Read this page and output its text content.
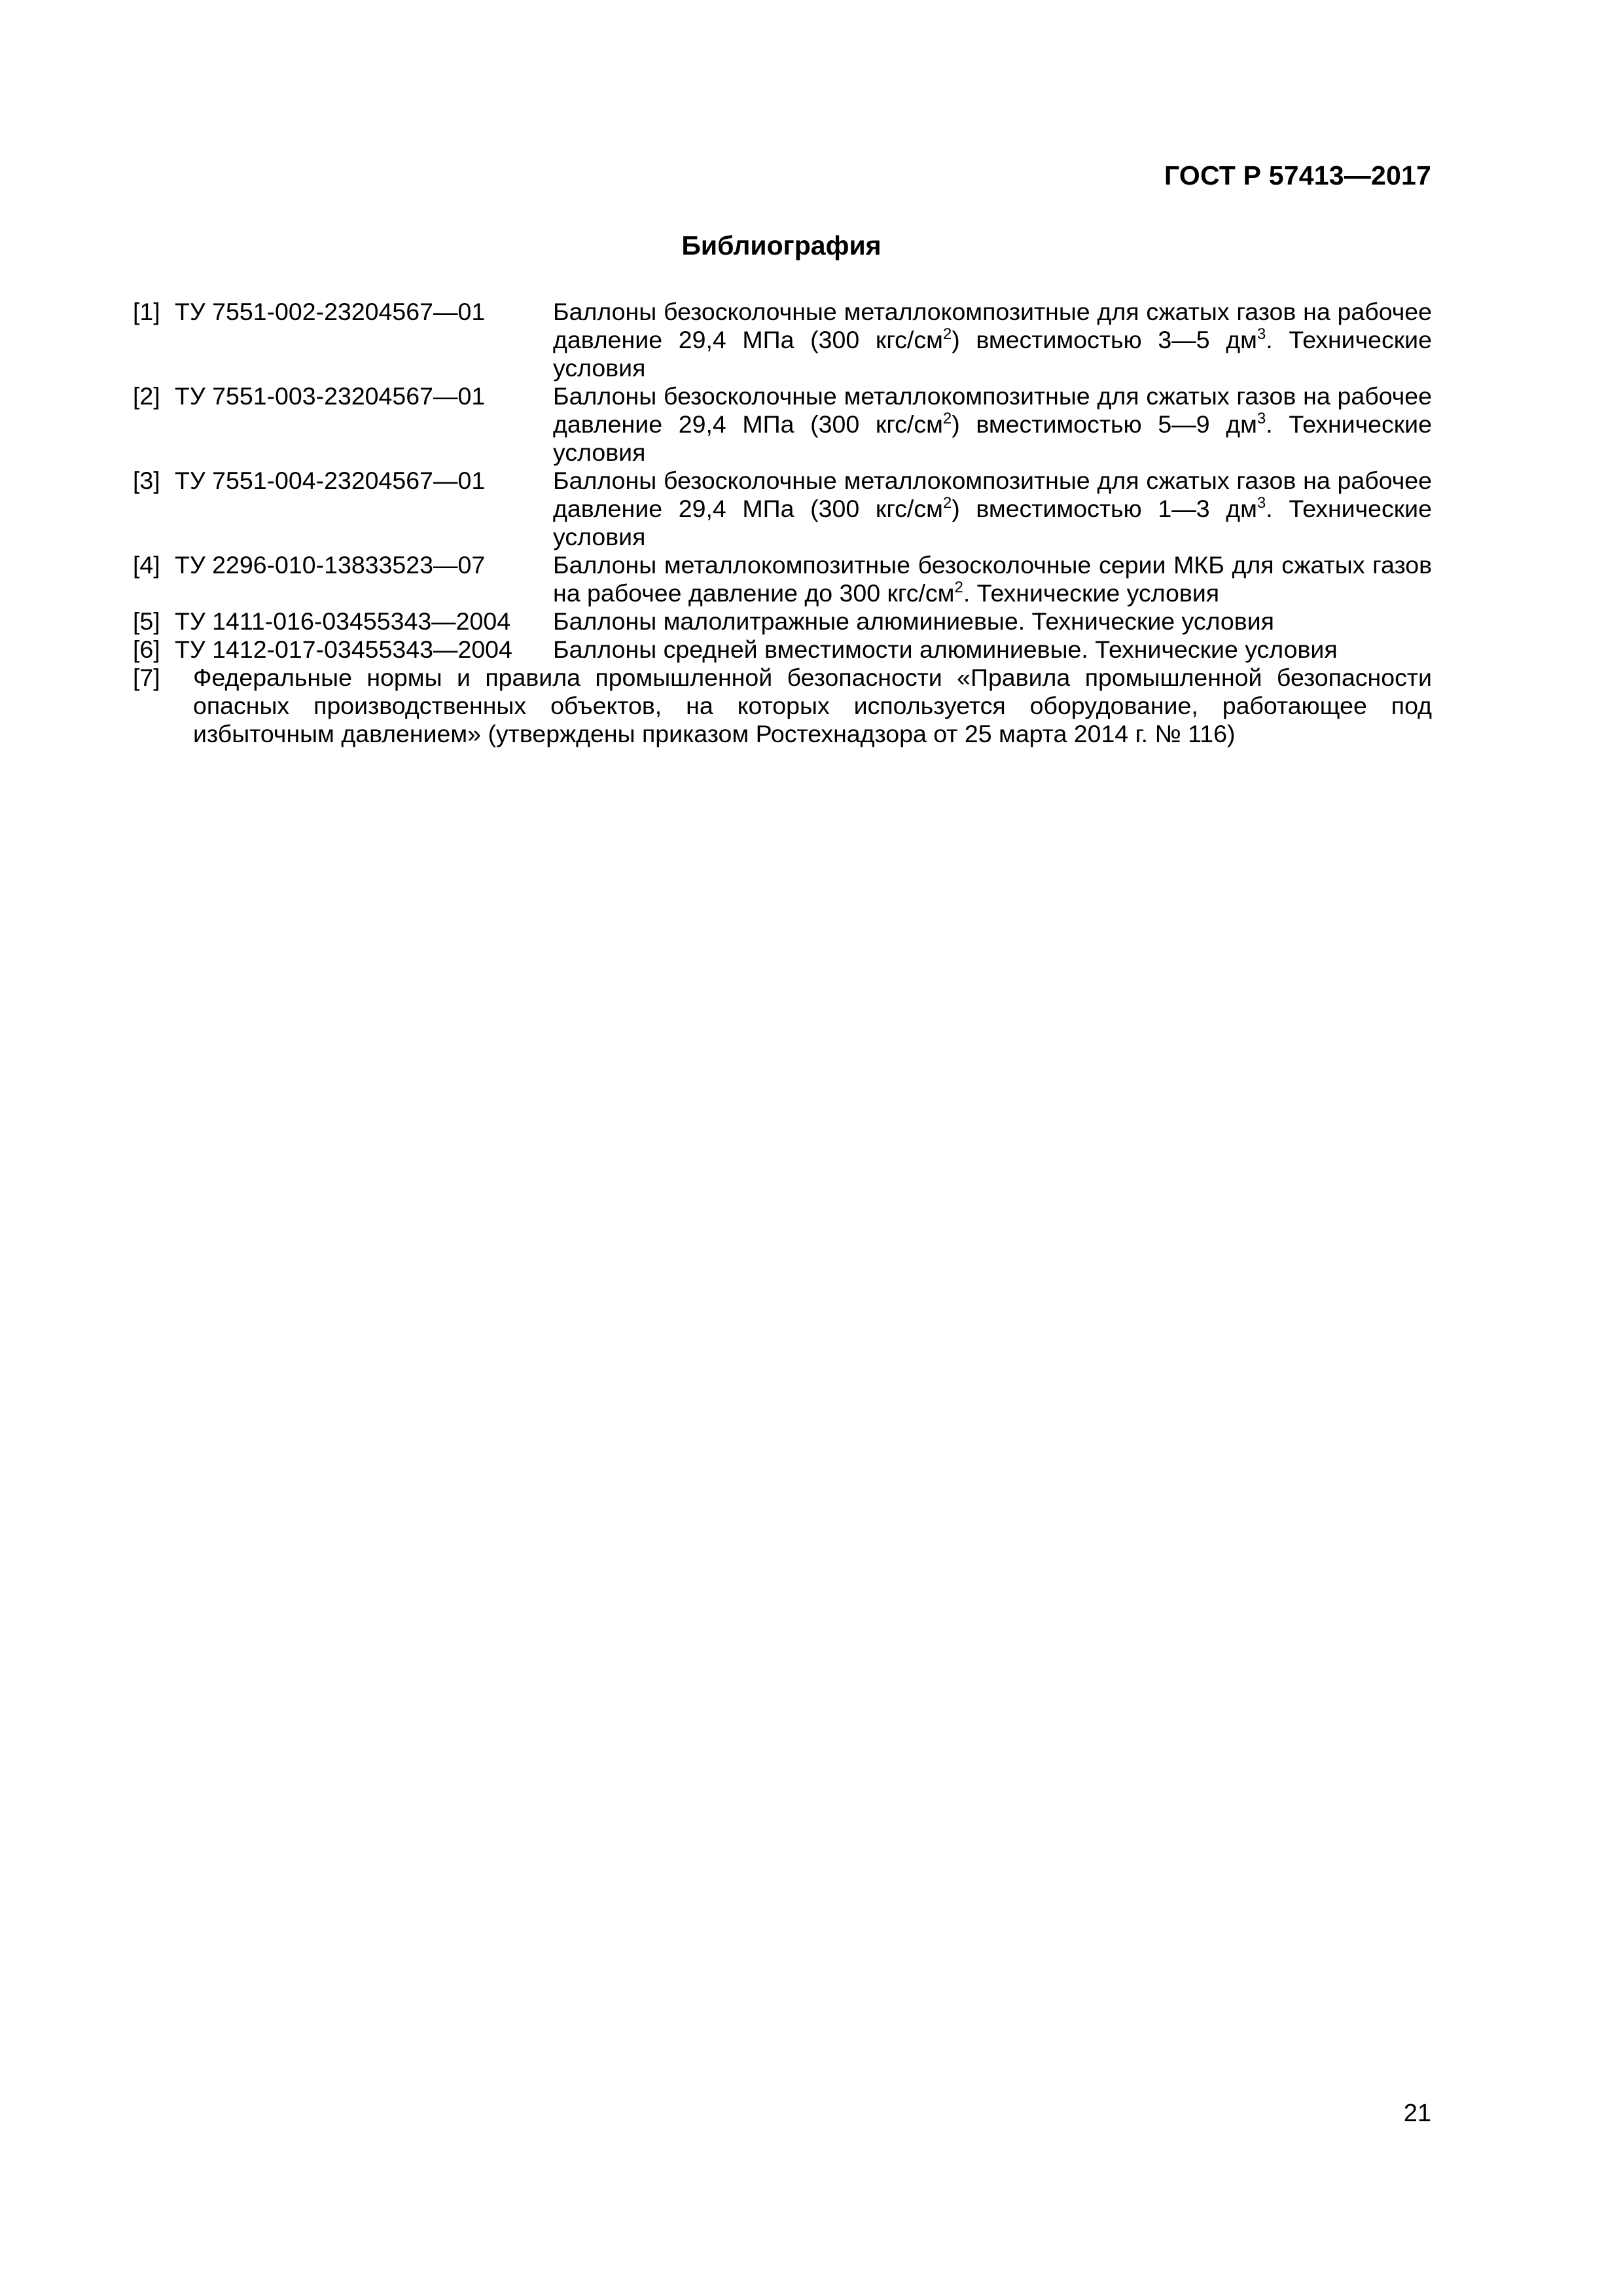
ГОСТ Р 57413—2017
Библиография
[1] ТУ 7551-002-23204567—01	Баллоны безосколочные металлокомпозитные для сжатых газов на рабочее давление 29,4 МПа (300 кгс/$см^2$) вместимостью 3—5 $дм^3$. Технические условия
[2] ТУ 7551-003-23204567—01	Баллоны безосколочные металлокомпозитные для сжатых газов на рабочее давление 29,4 МПа (300 кгс/$см^2$) вместимостью 5—9 $дм^3$. Технические условия
[3] ТУ 7551-004-23204567—01	Баллоны безосколочные металлокомпозитные для сжатых газов на рабочее давление 29,4 МПа (300 кгс/$см^2$) вместимостью 1—3 $дм^3$. Технические условия
[4] ТУ 2296-010-13833523—07	Баллоны металлокомпозитные безосколочные серии МКБ для сжатых газов на рабочее давление до 300 кгс/$см^2$. Технические условия
[5] ТУ 1411-016-03455343—2004	Баллоны малолитражные алюминиевые. Технические условия
[6] ТУ 1412-017-03455343—2004	Баллоны средней вместимости алюминиевые. Технические условия
[7]	Федеральные нормы и правила промышленной безопасности «Правила промышленной безопасности опасных производственных объектов, на которых используется оборудование, работающее под избыточным давлением» (утверждены приказом Ростехнадзора от 25 марта 2014 г. № 116)
21
